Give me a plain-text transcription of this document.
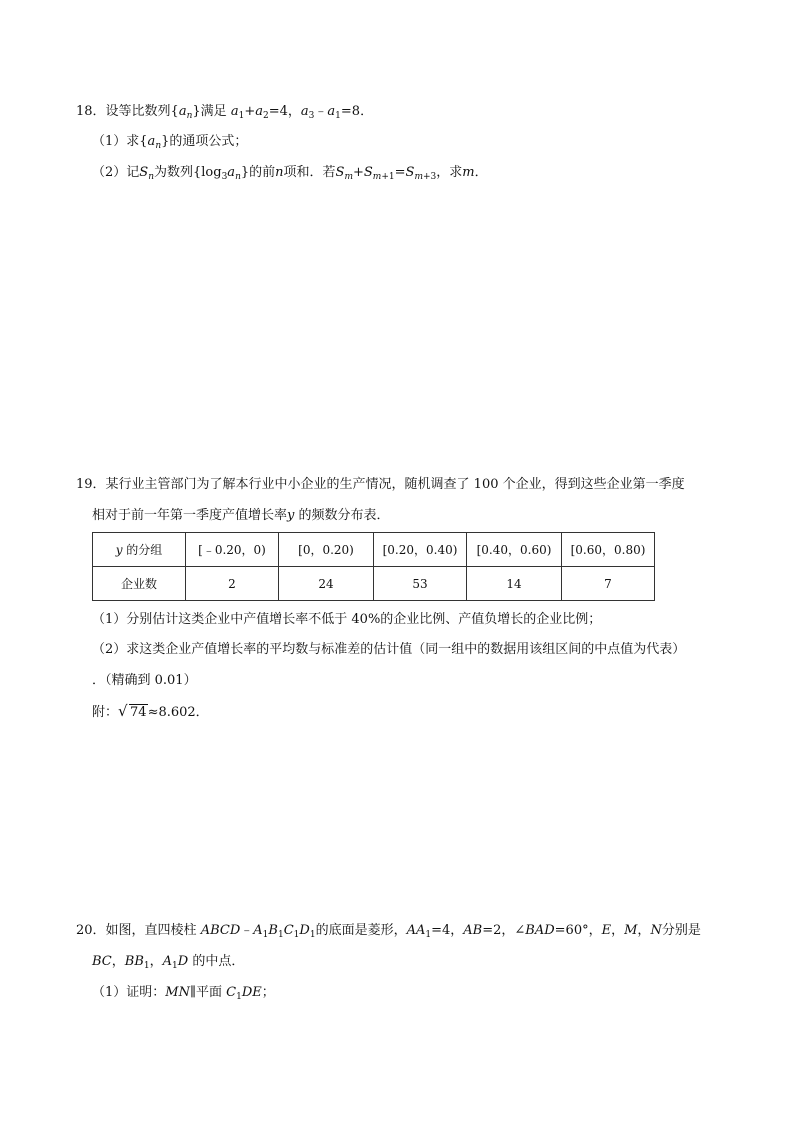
18．设等比数列$\{a_n\}$满足 $a_1+a_2=4$，$a_3﹣a_1=8$．
（1）求$\{a_n\}$的通项公式；
（2）记$S_n$为数列$\{\log_3a_n\}$的前n项和．若$S_m+S_{m+1}=S_{m+3}$，求m．
19．某行业主管部门为了解本行业中小企业的生产情况，随机调查了 100 个企业，得到这些企业第一季度
相对于前一年第一季度产值增长率y 的频数分布表．
y 的分组	[﹣0.20，0)	[0，0.20)	[0.20，0.40)	[0.40，0.60)	[0.60，0.80)
企业数	2	24	53	14	7
（1）分别估计这类企业中产值增长率不低于 40%的企业比例、产值负增长的企业比例；
（2）求这类企业产值增长率的平均数与标准差的估计值（同一组中的数据用该组区间的中点值为代表）
．（精确到 0.01）
附： √ 74≈8.602．
20．如图，直四棱柱 $ABCD﹣A_1B_1C_1D_1$的底面是菱形，$AA_1=4$，AB=2，∠BAD=60°，E，M，N分别是
BC，$BB_1$，$A_1D$ 的中点．
（1）证明：MN∥平面 $C_1DE$；
